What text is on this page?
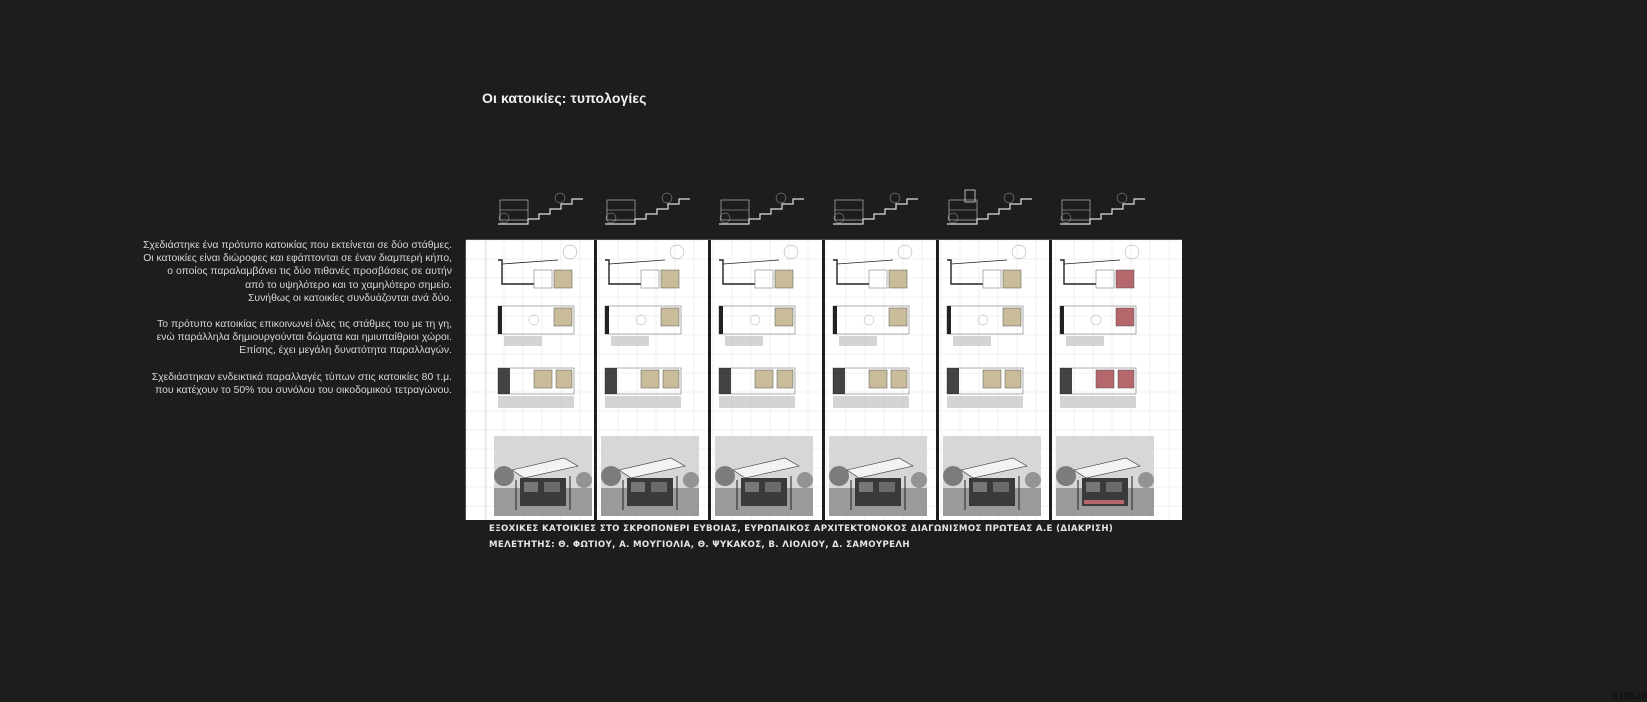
Οι κατοικίες: τυπολογίες

Σχεδιάστηκε ένα πρότυπο κατοικίας που εκτείνεται σε δύο στάθμες.
Οι κατοικίες είναι διώροφες και εφάπτονται σε έναν διαμπερή κήπο,
ο οποίος παραλαμβάνει τις δύο πιθανές προσβάσεις σε αυτήν
από το υψηλότερο και το χαμηλότερο σημείο.
Συνήθως οι κατοικίες συνδυάζονται ανά δύο.

Το πρότυπο κατοικίας επικοινωνεί όλες τις στάθμες του με τη γη,
ενώ παράλληλα δημιουργούνται δώματα και ημιυπαίθριοι χώροι.
Επίσης, έχει μεγάλη δυνατότητα παραλλαγών.

Σχεδιάστηκαν ενδεικτικά παραλλαγές τύπων στις κατοικίες 80 τ.μ.
που κατέχουν το 50% του συνόλου του οικοδομικού τετραγώνου.

910529
ΕΞΟΧΙΚΕΣ ΚΑΤΟΙΚΙΕΣ ΣΤΟ ΣΚΡΟΠΟΝΕΡΙ ΕΥΒΟΙΑΣ, ΕΥΡΩΠΑΙΚΟΣ ΑΡΧΙΤΕΚΤΟΝΟΚΟΣ ΔΙΑΓΩΝΙΣΜΟΣ ΠΡΩΤΕΑΣ Α.Ε (ΔΙΑΚΡΙΣΗ)
ΜΕΛΕΤΗΤΗΣ: Θ. ΦΩΤΙΟΥ, Α. ΜΟΥΓΙΟΛΙΑ, Θ. ΨΥΚΑΚΟΣ, Β. ΛΙΟΛΙΟΥ, Δ. ΣΑΜΟΥΡΕΛΗ
